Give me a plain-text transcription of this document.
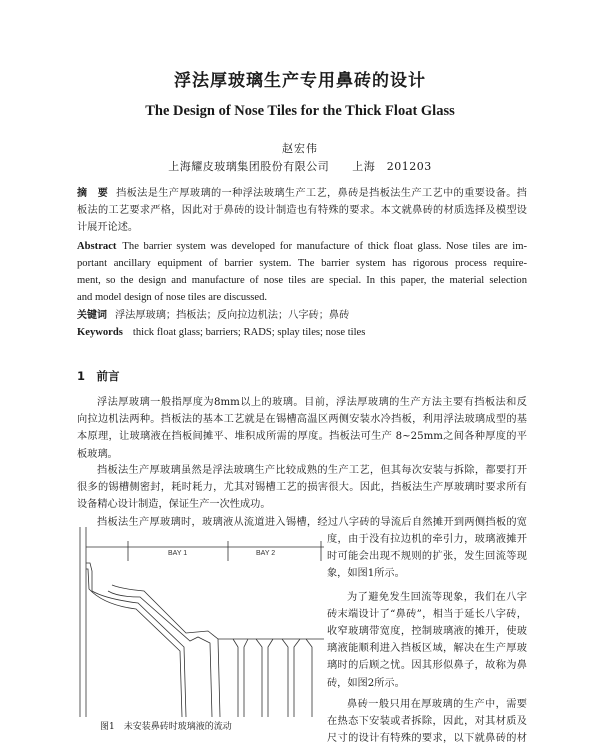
浮法厚玻璃生产专用鼻砖的设计
The Design of Nose Tiles for the Thick Float Glass
赵宏伟
上海耀皮玻璃集团股份有限公司　　上海　201203
摘　要 挡板法是生产厚玻璃的一种浮法玻璃生产工艺，鼻砖是挡板法生产工艺中的重要设备。挡
板法的工艺要求严格，因此对于鼻砖的设计制造也有特殊的要求。本文就鼻砖的材质选择及模型设
计展开论述。
Abstract The barrier system was developed for manufacture of thick float glass. Nose tiles are im-
portant ancillary equipment of barrier system. The barrier system has rigorous process require-
ment, so the design and manufacture of nose tiles are special. In this paper, the material selection
and model design of nose tiles are discussed.
关键词 浮法厚玻璃；挡板法；反向拉边机法；八字砖；鼻砖
Keywords thick float glass; barriers; RADS; splay tiles; nose tiles
1　前言
浮法厚玻璃一般指厚度为8mm以上的玻璃。目前，浮法厚玻璃的生产方法主要有挡板法和反
向拉边机法两种。挡板法的基本工艺就是在锡槽高温区两侧安装水冷挡板，利用浮法玻璃成型的基
本原理，让玻璃液在挡板间摊平、堆积成所需的厚度。挡板法可生产 8~25mm之间各种厚度的平
板玻璃。
挡板法生产厚玻璃虽然是浮法玻璃生产比较成熟的生产工艺，但其每次安装与拆除，都要打开
很多的锡槽侧密封，耗时耗力，尤其对锡槽工艺的损害很大。因此，挡板法生产厚玻璃时要求所有
设备精心设计制造，保证生产一次性成功。
挡板法生产厚玻璃时，玻璃液从流道进入锡槽，经过八字砖的导流后自然摊开到两侧挡板的宽
度，由于没有拉边机的牵引力，玻璃液摊开
时可能会出现不规则的扩张，发生回流等现
象，如图1所示。
为了避免发生回流等现象，我们在八字
砖末端设计了“鼻砖”，相当于延长八字砖，
收窄玻璃带宽度，控制玻璃液的摊开，使玻
璃液能顺利进入挡板区域，解决在生产厚玻
璃时的后顾之忧。因其形似鼻子，故称为鼻
砖，如图2所示。
鼻砖一般只用在厚玻璃的生产中，需要
在热态下安装或者拆除，因此，对其材质及
尺寸的设计有特殊的要求，以下就鼻砖的材
BAY 1	BAY 2
图1　未安装鼻砖时玻璃液的流动
